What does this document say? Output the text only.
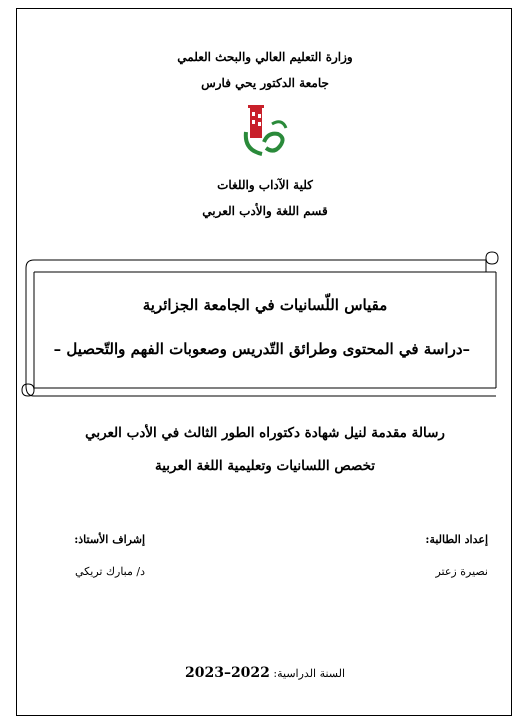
وزارة التعليم العالي والبحث العلمي
جامعة الدكتور يحي فارس
كلية الآداب واللغات
قسم اللغة والأدب العربي
مقياس اللّسانيات في الجامعة الجزائرية
–دراسة في المحتوى وطرائق التّدريس وصعوبات الفهم والتّحصيل –
رسالة مقدمة لنيل شهادة دكتوراه الطور الثالث في الأدب العربي
تخصص اللسانيات وتعليمية اللغة العربية
إعداد الطالبة:
نصيرة زعتر
إشراف الأستاذ:
د/ مبارك تريكي
السنة الدراسية: 2022–2023
